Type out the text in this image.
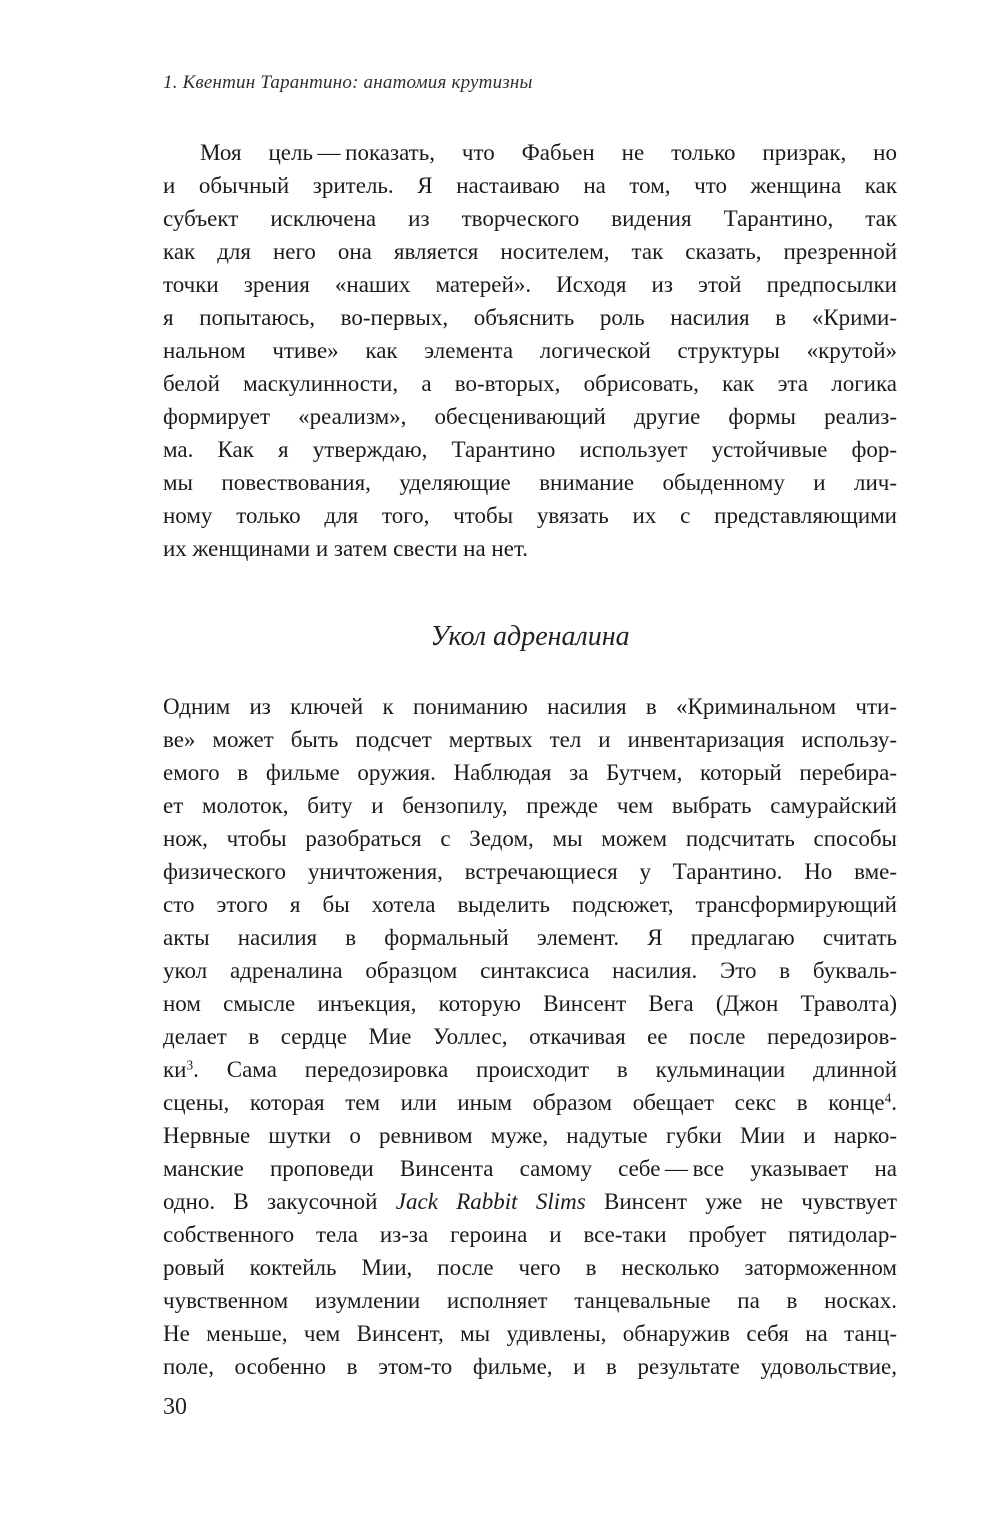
1. Квентин Тарантино: анатомия крутизны
Моя цель — показать, что Фабьен не только призрак, но
и обычный зритель. Я настаиваю на том, что женщина как
субъект исключена из творческого видения Тарантино, так
как для него она является носителем, так сказать, презренной
точки зрения «наших матерей». Исходя из этой предпосылки
я попытаюсь, во-первых, объяснить роль насилия в «Крими-
нальном чтиве» как элемента логической структуры «крутой»
белой маскулинности, а во-вторых, обрисовать, как эта логика
формирует «реализм», обесценивающий другие формы реализ-
ма. Как я утверждаю, Тарантино использует устойчивые фор-
мы повествования, уделяющие внимание обыденному и лич-
ному только для того, чтобы увязать их с представляющими
их женщинами и затем свести на нет.
Укол адреналина
Одним из ключей к пониманию насилия в «Криминальном чти-
ве» может быть подсчет мертвых тел и инвентаризация использу-
емого в фильме оружия. Наблюдая за Бутчем, который перебира-
ет молоток, биту и бензопилу, прежде чем выбрать самурайский
нож, чтобы разобраться с Зедом, мы можем подсчитать способы
физического уничтожения, встречающиеся у Тарантино. Но вме-
сто этого я бы хотела выделить подсюжет, трансформирующий
акты насилия в формальный элемент. Я предлагаю считать
укол адреналина образцом синтаксиса насилия. Это в букваль-
ном смысле инъекция, которую Винсент Вега (Джон Траволта)
делает в сердце Мие Уоллес, откачивая ее после передозиров-
$ки^3$. Сама передозировка происходит в кульминации длинной
сцены, которая тем или иным образом обещает секс в конце$^4$.
Нервные шутки о ревнивом муже, надутые губки Мии и нарко-
манские проповеди Винсента самому себе — все указывает на
одно. В закусочной Jack Rabbit Slims Винсент уже не чувствует
собственного тела из-за героина и все-таки пробует пятидолар-
ровый коктейль Мии, после чего в несколько заторможенном
чувственном изумлении исполняет танцевальные па в носках.
Не меньше, чем Винсент, мы удивлены, обнаружив себя на танц-
поле, особенно в этом-то фильме, и в результате удовольствие,
30
